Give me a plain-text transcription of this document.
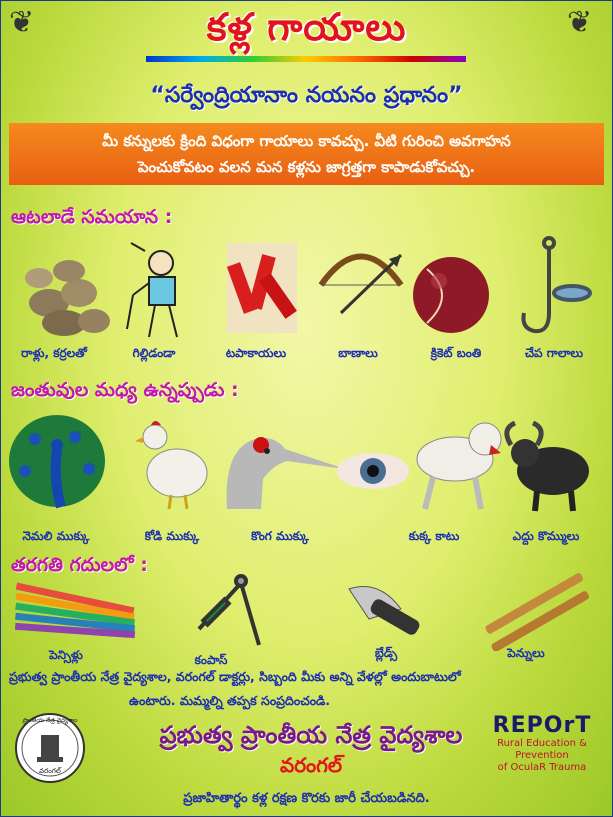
❦	❦
కళ్ల గాయాలు
“సర్వేంద్రియానాం నయనం ప్రధానం”
మీ కన్నులకు క్రింది విధంగా గాయాలు కావచ్చు. వీటి గురించి అవగాహన
పెంచుకోవటం వలన మన కళ్లను జాగ్రత్తగా కాపాడుకోవచ్చు.
ఆటలాడే సమయాన :
రాళ్లు, కర్రలతో	గిల్లిడండా	టపాకాయలు	బాణాలు	క్రికెట్ బంతి	చేప గాలాలు
జంతువుల మధ్య ఉన్నప్పుడు :
నెమలి ముక్కు	కోడి ముక్కు	కొంగ ముక్కు	కుక్క కాటు	ఎద్దు కొమ్ములు
తరగతి గదులలో :
పెన్సిళ్లు	కంపాస్	బ్లేడ్స్	పెన్నులు
ప్రభుత్వ ప్రాంతీయ నేత్ర వైద్యశాల, వరంగల్ డాక్టర్లు, సిబ్బంది మీకు అన్ని వేళల్లో అందుబాటులో
ఉంటారు. మమ్మల్ని తప్పక సంప్రదించండి.
ప్రాంతీయ నేత్ర వైద్యశాల
వరంగల్
ప్రభుత్వ ప్రాంతీయ నేత్ర వైద్యశాల
వరంగల్
REPOrT
Rural Education & Prevention
of OculaR Trauma
ప్రజాహితార్థం కళ్ల రక్షణ కొరకు జారీ చేయబడినది.
